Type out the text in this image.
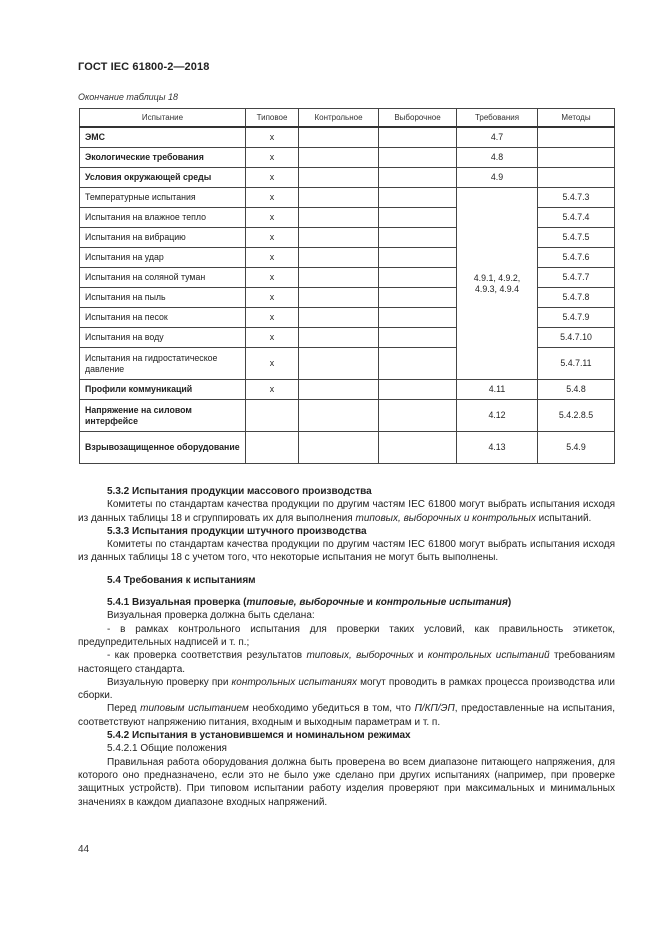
ГОСТ IEC 61800-2—2018
Окончание таблицы 18
Испытание	Типовое	Контрольное	Выборочное	Требования	Методы
ЭМС	x			4.7	
Экологические требования	x			4.8	
Условия окружающей среды	x			4.9	
Температурные испытания	x			4.9.1, 4.9.2, 4.9.3, 4.9.4	5.4.7.3
Испытания на влажное тепло	x				5.4.7.4
Испытания на вибрацию	x				5.4.7.5
Испытания на удар	x				5.4.7.6
Испытания на соляной туман	x				5.4.7.7
Испытания на пыль	x				5.4.7.8
Испытания на песок	x				5.4.7.9
Испытания на воду	x				5.4.7.10
Испытания на гидростатическое давление	x				5.4.7.11
Профили коммуникаций	x			4.11	5.4.8
Напряжение на силовом интерфейсе				4.12	5.4.2.8.5
Взрывозащищенное оборудование				4.13	5.4.9

5.3.2 Испытания продукции массового производства

Комитеты по стандартам качества продукции по другим частям IEC 61800 могут выбрать испытания исходя из данных таблицы 18 и сгруппировать их для выполнения типовых, выборочных и контрольных испытаний.

5.3.3 Испытания продукции штучного производства

Комитеты по стандартам качества продукции по другим частям IEC 61800 могут выбрать испытания исходя из данных таблицы 18 с учетом того, что некоторые испытания не могут быть выполнены.

5.4 Требования к испытаниям

5.4.1 Визуальная проверка (типовые, выборочные и контрольные испытания)

Визуальная проверка должна быть сделана:

- в рамках контрольного испытания для проверки таких условий, как правильность этикеток, предупредительных надписей и т. п.;

- как проверка соответствия результатов типовых, выборочных и контрольных испытаний требованиям настоящего стандарта.

Визуальную проверку при контрольных испытаниях могут проводить в рамках процесса производства или сборки.

Перед типовым испытанием необходимо убедиться в том, что П/КП/ЭП, предоставленные на испытания, соответствуют напряжению питания, входным и выходным параметрам и т. п.

5.4.2 Испытания в установившемся и номинальном режимах

5.4.2.1 Общие положения

Правильная работа оборудования должна быть проверена во всем диапазоне питающего напряжения, для которого оно предназначено, если это не было уже сделано при других испытаниях (например, при проверке защитных устройств). При типовом испытании работу изделия проверяют при максимальных и минимальных значениях в каждом диапазоне входных напряжений.

44
